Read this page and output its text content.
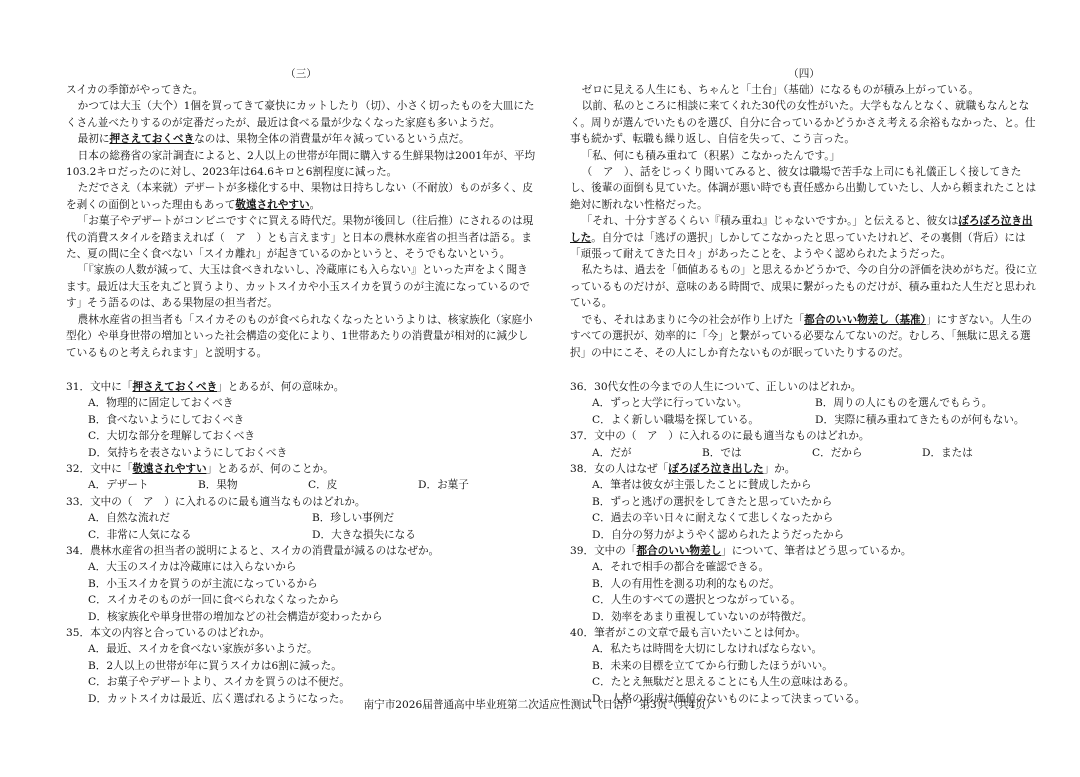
（三）

スイカの季節がやってきた。

かつては大玉（大个）1個を買ってきて豪快にカットしたり（切）、小さく切ったものを大皿にたくさん並べたりするのが定番だったが、最近は食べる量が少なくなった家庭も多いようだ。

最初に押さえておくべきなのは、果物全体の消費量が年々減っているという点だ。

日本の総務省の家計調査によると、2人以上の世帯が年間に購入する生鮮果物は2001年が、平均103.2キロだったのに対し、2023年は64.6キロと6割程度に減った。

ただでさえ（本来就）デザートが多様化する中、果物は日持ちしない（不耐放）ものが多く、皮を剥くの面倒といった理由もあって敬遠されやすい。

「お菓子やデザートがコンビニですぐに買える時代だ。果物が後回し（往后推）にされるのは現代の消費スタイルを踏まえれば（　ア　）とも言えます」と日本の農林水産省の担当者は語る。また、夏の間に全く食べない「スイカ離れ」が起きているのかというと、そうでもないという。

「『家族の人数が減って、大玉は食べきれないし、冷蔵庫にも入らない』といった声をよく聞きます。最近は大玉を丸ごと買うより、カットスイカや小玉スイカを買うのが主流になっているのです」そう語るのは、ある果物屋の担当者だ。

農林水産省の担当者も「スイカそのものが食べられなくなったというよりは、核家族化（家庭小型化）や単身世帯の増加といった社会構造の変化により、1世帯あたりの消費量が相対的に減少しているものと考えられます」と説明する。

31．文中に「押さえておくべき」とあるが、何の意味か。

A．物理的に固定しておくべき

B．食べないようにしておくべき

C．大切な部分を理解しておくべき

D．気持ちを表さないようにしておくべき

32．文中に「敬遠されやすい」とあるが、何のことか。

A．デザート	B．果物	C．皮	D．お菓子

33．文中の（　ア　）に入れるのに最も適当なものはどれか。

A．自然な流れだ	B．珍しい事例だ
C．非常に人気になる	D．大きな損失になる

34．農林水産省の担当者の説明によると、スイカの消費量が減るのはなぜか。

A．大玉のスイカは冷蔵庫には入らないから

B．小玉スイカを買うのが主流になっているから

C．スイカそのものが一回に食べられなくなったから

D．核家族化や単身世帯の増加などの社会構造が変わったから

35．本文の内容と合っているのはどれか。

A．最近、スイカを食べない家族が多いようだ。

B．2人以上の世帯が年に買うスイカは6割に減った。

C．お菓子やデザートより、スイカを買うのは不便だ。

D．カットスイカは最近、広く選ばれるようになった。

（四）

ゼロに見える人生にも、ちゃんと「土台」（基础）になるものが積み上がっている。

以前、私のところに相談に来てくれた30代の女性がいた。大学もなんとなく、就職もなんとなく。周りが選んでいたものを選び、自分に合っているかどうかさえ考える余裕もなかった、と。仕事も続かず、転職も繰り返し、自信を失って、こう言った。

「私、何にも積み重ねて（积累）こなかったんです。」

（　ア　）、話をじっくり聞いてみると、彼女は職場で苦手な上司にも礼儀正しく接してきたし、後輩の面倒も見ていた。体調が悪い時でも責任感から出勤していたし、人から頼まれたことは絶対に断れない性格だった。

「それ、十分すぎるくらい『積み重ね』じゃないですか。」と伝えると、彼女はぽろぽろ泣き出した。自分では「逃げの選択」しかしてこなかったと思っていたけれど、その裏側（背后）には「頑張って耐えてきた日々」があったことを、ようやく認められたようだった。

私たちは、過去を「価値あるもの」と思えるかどうかで、今の自分の評価を決めがちだ。役に立っているものだけが、意味のある時間で、成果に繋がったものだけが、積み重ねた人生だと思われている。

でも、それはあまりに今の社会が作り上げた「都合のいい物差し（基准）」にすぎない。人生のすべての選択が、効率的に「今」と繋がっている必要なんてないのだ。むしろ、「無駄に思える選択」の中にこそ、その人にしか育たないものが眠っていたりするのだ。

36．30代女性の今までの人生について、正しいのはどれか。

A．ずっと大学に行っていない。	B．周りの人にものを選んでもらう。
C．よく新しい職場を探している。	D．実際に積み重ねてきたものが何もない。

37．文中の（　ア　）に入れるのに最も適当なものはどれか。

A．だが	B．では	C．だから	D．または

38．女の人はなぜ「ぽろぽろ泣き出した」か。

A．筆者は彼女が主張したことに賛成したから

B．ずっと逃げの選択をしてきたと思っていたから

C．過去の辛い日々に耐えなくて悲しくなったから

D．自分の努力がようやく認められたようだったから

39．文中の「都合のいい物差し」について、筆者はどう思っているか。

A．それで相手の都合を確認できる。

B．人の有用性を測る功利的なものだ。

C．人生のすべての選択とつながっている。

D．効率をあまり重視していないのが特徴だ。

40．筆者がこの文章で最も言いたいことは何か。

A．私たちは時間を大切にしなければならない。

B．未来の目標を立ててから行動したほうがいい。

C．たとえ無駄だと思えることにも人生の意味はある。

D．人格の形成は価値のないものによって決まっている。

南宁市2026届普通高中毕业班第二次适应性测试（日语）　第3页（共4页）
